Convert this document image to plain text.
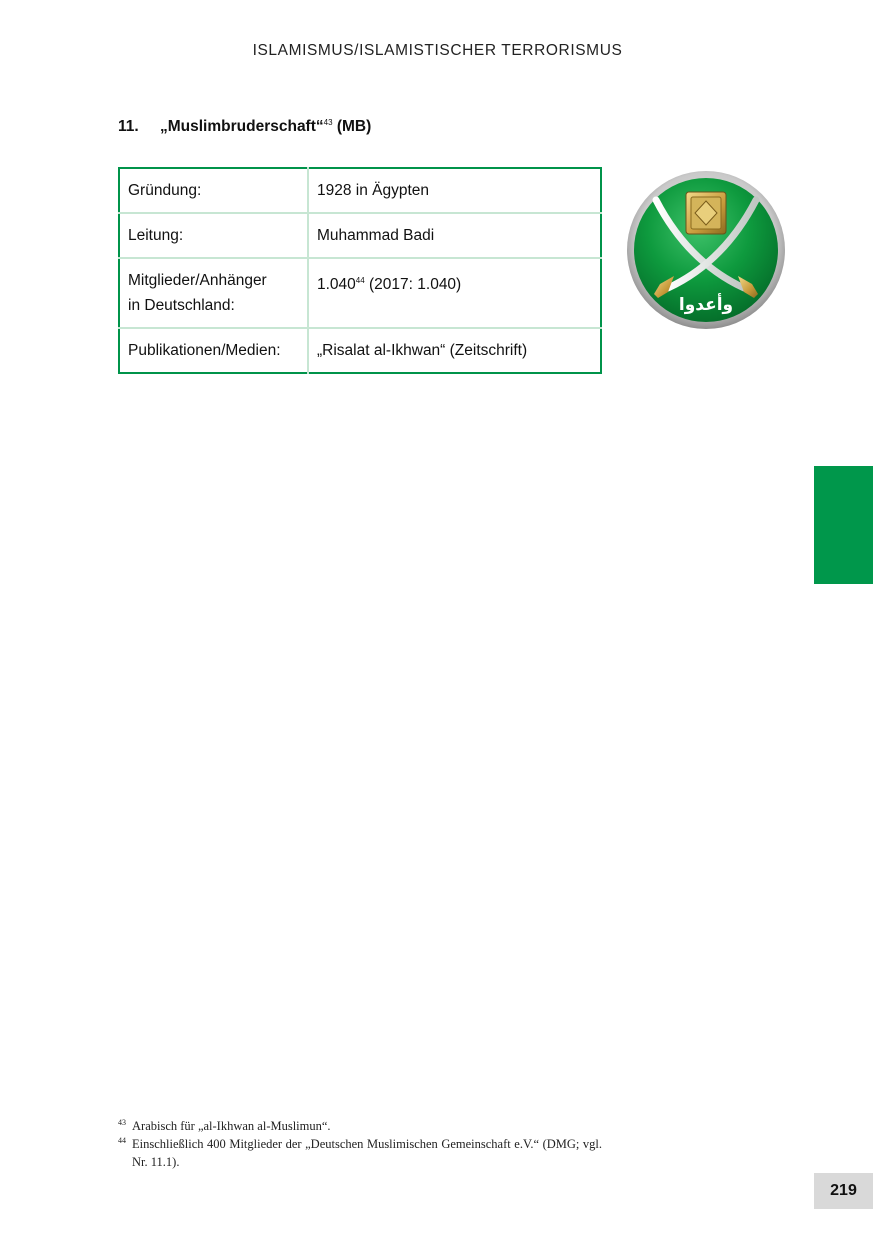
ISLAMISMUS/ISLAMISTISCHER TERRORISMUS
11. „Muslimbruderschaft“$^{43}$ (MB)
Gründung:	1928 in Ägypten
Leitung:	Muhammad Badi
Mitglieder/Anhänger
in Deutschland:	1.040$^{44}$ (2017: 1.040)
Publikationen/Medien:	„Risalat al-Ikhwan“ (Zeitschrift)
وأعدوا
43 Arabisch für „al-Ikhwan al-Muslimun“.
44 Einschließlich 400 Mitglieder der „Deutschen Muslimischen Gemeinschaft e.V.“ (DMG; vgl. Nr. 11.1).
219
